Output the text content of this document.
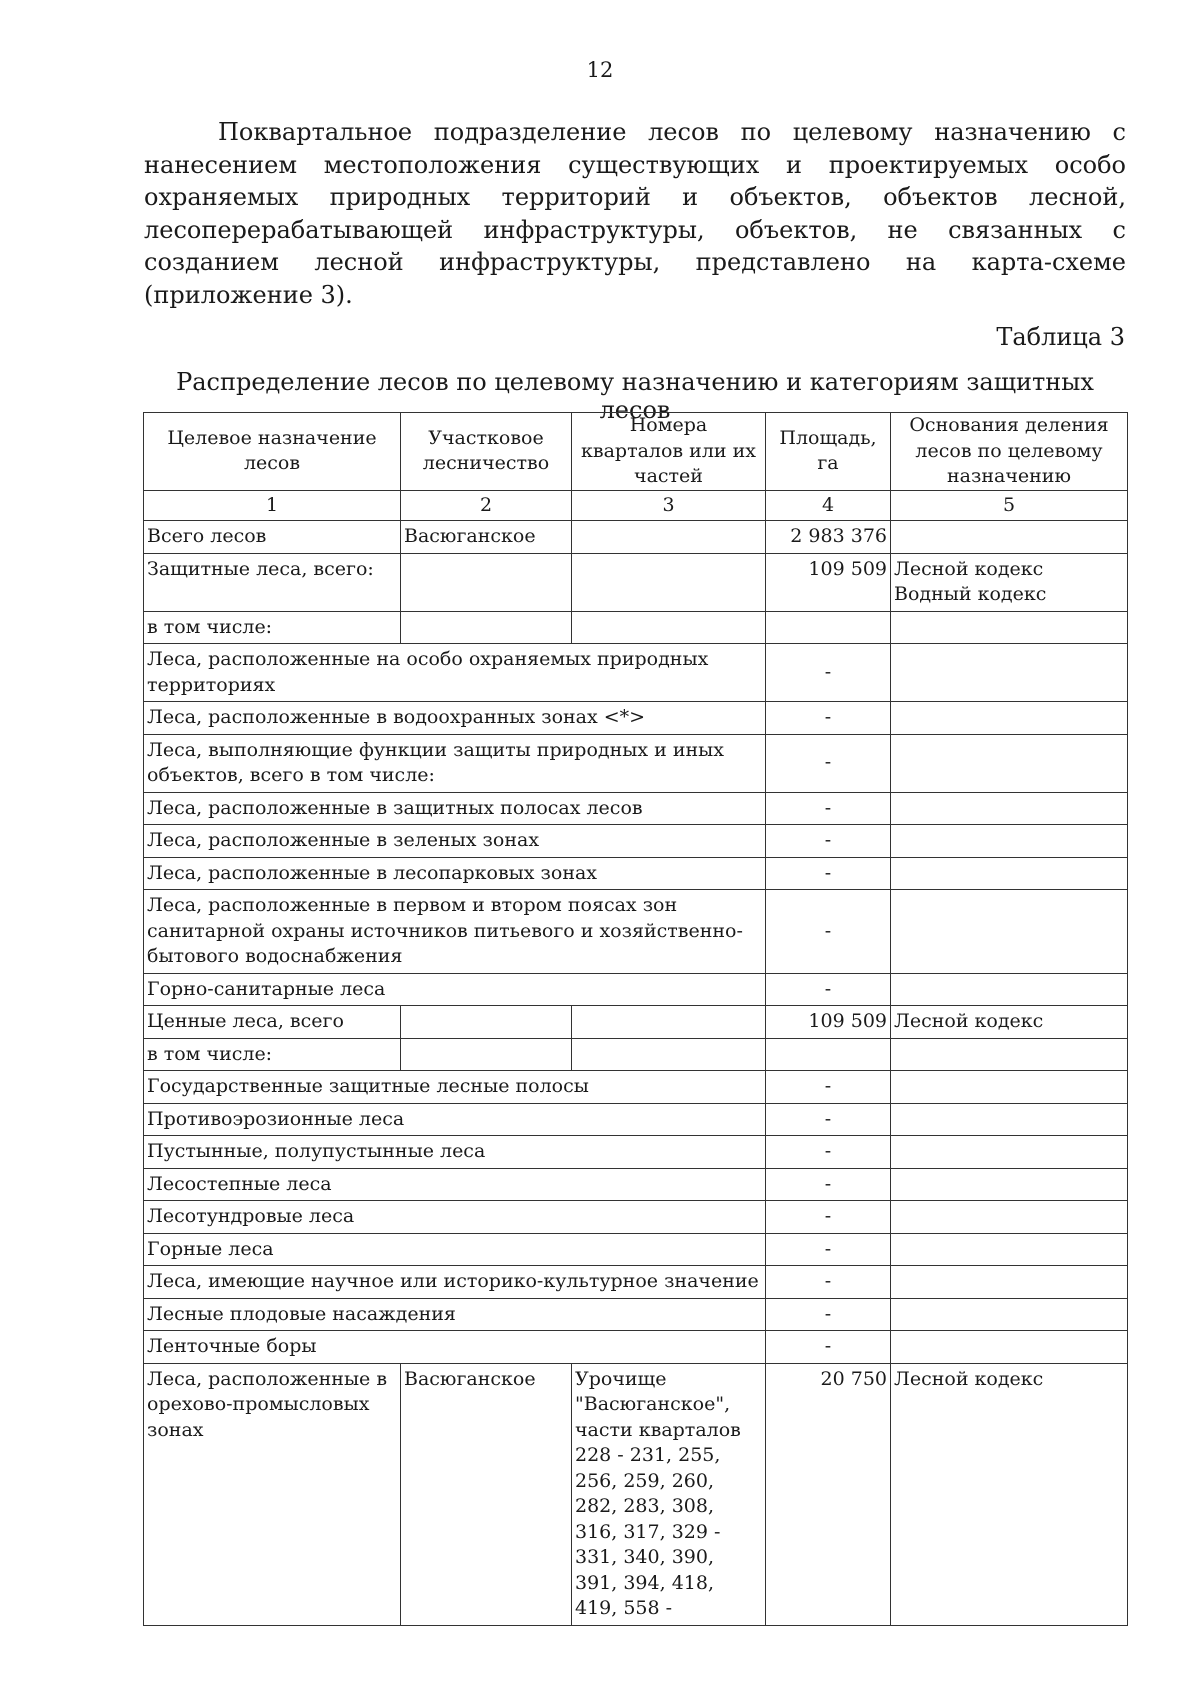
12

Поквартальное подразделение лесов по целевому назначению с нанесением местоположения существующих и проектируемых особо охраняемых природных территорий и объектов, объектов лесной, лесоперерабатывающей инфраструктуры, объектов, не связанных с созданием лесной инфраструктуры, представлено на карта-схеме (приложение 3).

Таблица 3
Распределение лесов по целевому назначению и категориям защитных лесов
Целевое назначение лесов	Участковое лесничество	Номера кварталов или их частей	Площадь, га	Основания деления лесов по целевому назначению
1	2	3	4	5
Всего лесов	Васюганское		2 983 376	
Защитные леса, всего:			109 509	Лесной кодекс Водный кодекс
в том числе:				
Леса, расположенные на особо охраняемых природных территориях			-	
Леса, расположенные в водоохранных зонах <*>			-	
Леса, выполняющие функции защиты природных и иных объектов, всего в том числе:			-	
Леса, расположенные в защитных полосах лесов			-	
Леса, расположенные в зеленых зонах			-	
Леса, расположенные в лесопарковых зонах			-	
Леса, расположенные в первом и втором поясах зон санитарной охраны источников питьевого и хозяйственно-бытового водоснабжения			-	
Горно-санитарные леса			-	
Ценные леса, всего			109 509	Лесной кодекс
в том числе:				
Государственные защитные лесные полосы			-	
Противоэрозионные леса			-	
Пустынные, полупустынные леса			-	
Лесостепные леса			-	
Лесотундровые леса			-	
Горные леса			-	
Леса, имеющие научное или историко-культурное значение			-	
Лесные плодовые насаждения			-	
Ленточные боры			-	
Леса, расположенные в орехово-промысловых зонах	Васюганское	Урочище "Васюганское", части кварталов 228 - 231, 255, 256, 259, 260, 282, 283, 308, 316, 317, 329 - 331, 340, 390, 391, 394, 418, 419, 558 -	20 750	Лесной кодекс
